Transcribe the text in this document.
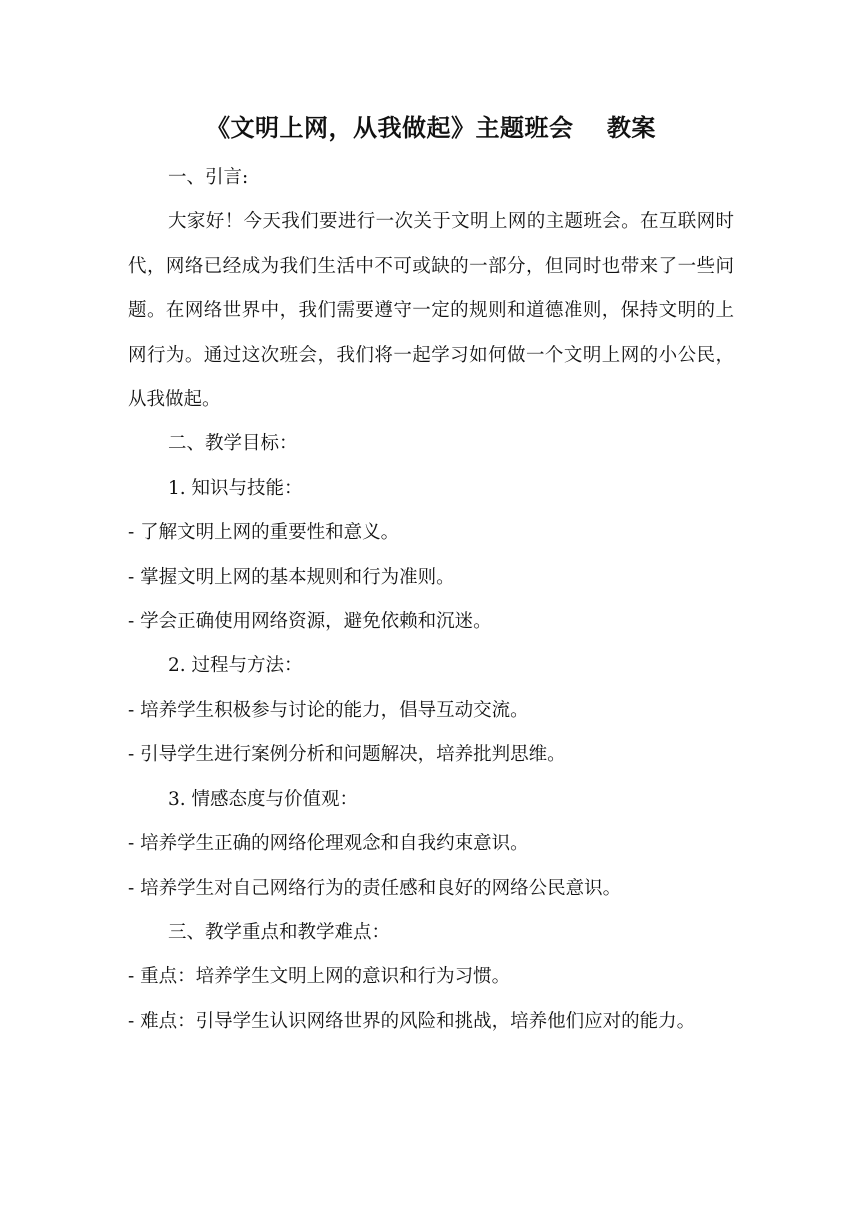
《文明上网，从我做起》主题班会　 教案

一、引言:

大家好！今天我们要进行一次关于文明上网的主题班会。在互联网时代，网络已经成为我们生活中不可或缺的一部分，但同时也带来了一些问题。在网络世界中，我们需要遵守一定的规则和道德准则，保持文明的上网行为。通过这次班会，我们将一起学习如何做一个文明上网的小公民，从我做起。

二、教学目标：

1. 知识与技能：

- 了解文明上网的重要性和意义。

- 掌握文明上网的基本规则和行为准则。

- 学会正确使用网络资源，避免依赖和沉迷。

2. 过程与方法：

- 培养学生积极参与讨论的能力，倡导互动交流。

- 引导学生进行案例分析和问题解决，培养批判思维。

3. 情感态度与价值观：

- 培养学生正确的网络伦理观念和自我约束意识。

- 培养学生对自己网络行为的责任感和良好的网络公民意识。

三、教学重点和教学难点：

- 重点：培养学生文明上网的意识和行为习惯。

- 难点：引导学生认识网络世界的风险和挑战，培养他们应对的能力。
